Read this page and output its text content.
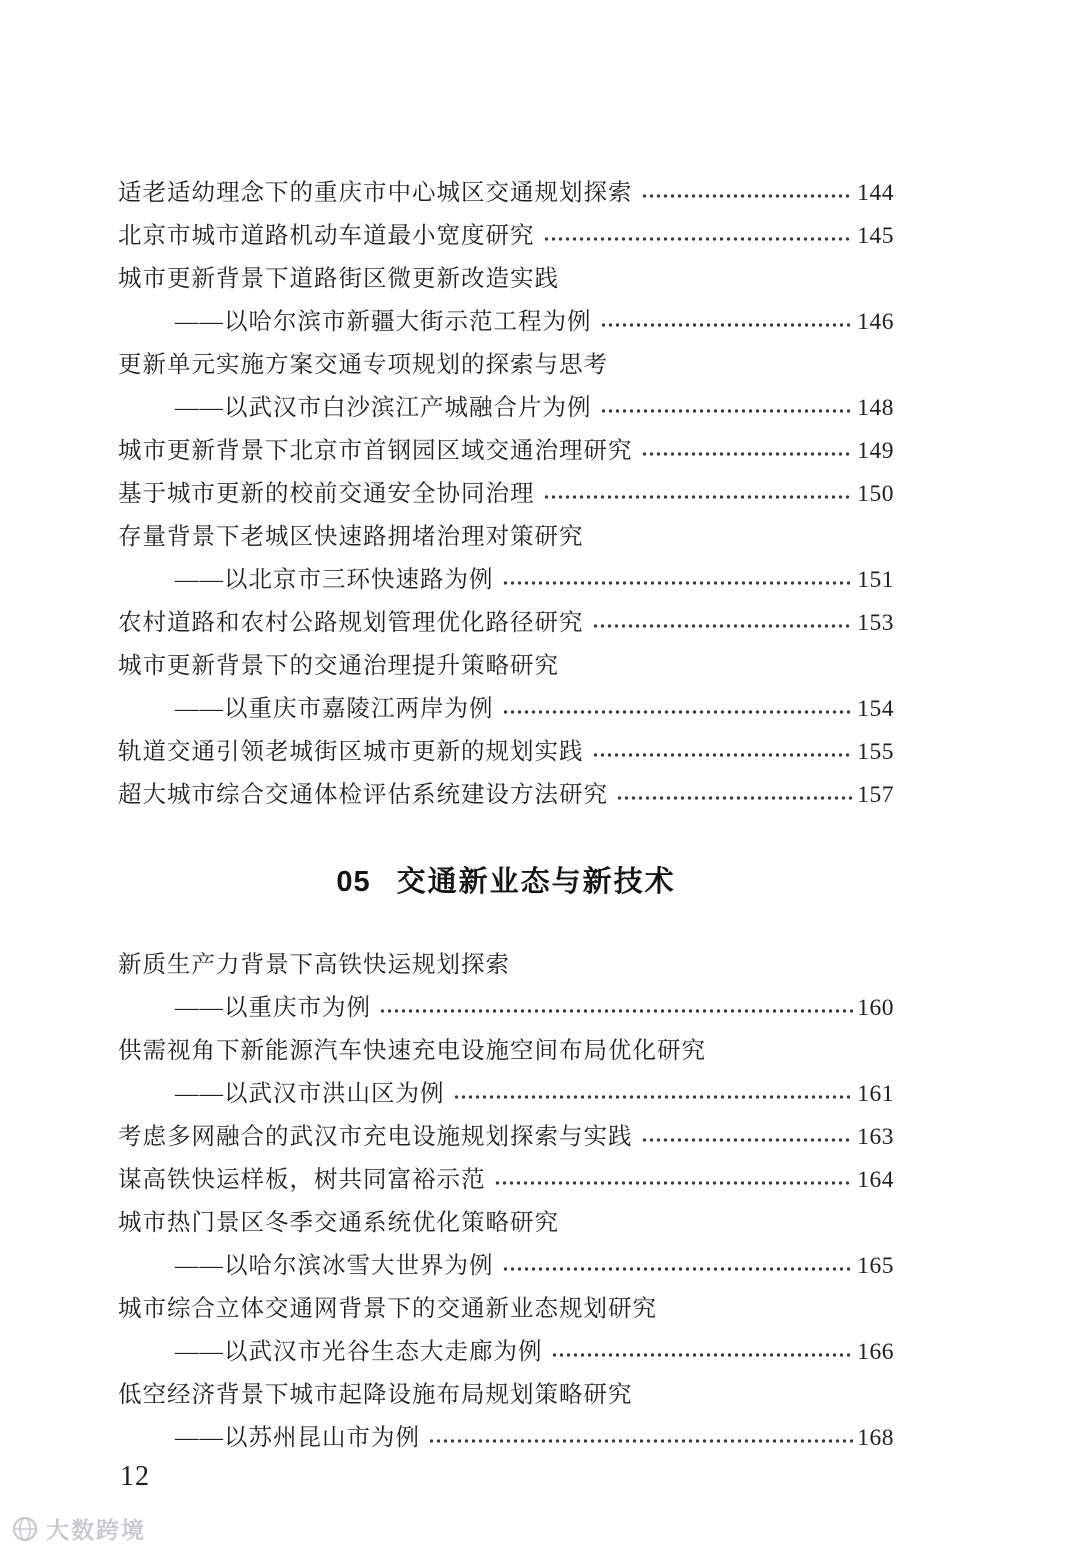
适老适幼理念下的重庆市中心城区交通规划探索	144
北京市城市道路机动车道最小宽度研究	145
城市更新背景下道路街区微更新改造实践
——以哈尔滨市新疆大街示范工程为例	146
更新单元实施方案交通专项规划的探索与思考
——以武汉市白沙滨江产城融合片为例	148
城市更新背景下北京市首钢园区域交通治理研究	149
基于城市更新的校前交通安全协同治理	150
存量背景下老城区快速路拥堵治理对策研究
——以北京市三环快速路为例	151
农村道路和农村公路规划管理优化路径研究	153
城市更新背景下的交通治理提升策略研究
——以重庆市嘉陵江两岸为例	154
轨道交通引领老城街区城市更新的规划实践	155
超大城市综合交通体检评估系统建设方法研究	157
05 交通新业态与新技术
新质生产力背景下高铁快运规划探索
——以重庆市为例	160
供需视角下新能源汽车快速充电设施空间布局优化研究
——以武汉市洪山区为例	161
考虑多网融合的武汉市充电设施规划探索与实践	163
谋高铁快运样板，树共同富裕示范	164
城市热门景区冬季交通系统优化策略研究
——以哈尔滨冰雪大世界为例	165
城市综合立体交通网背景下的交通新业态规划研究
——以武汉市光谷生态大走廊为例	166
低空经济背景下城市起降设施布局规划策略研究
——以苏州昆山市为例	168
12
大数跨境
